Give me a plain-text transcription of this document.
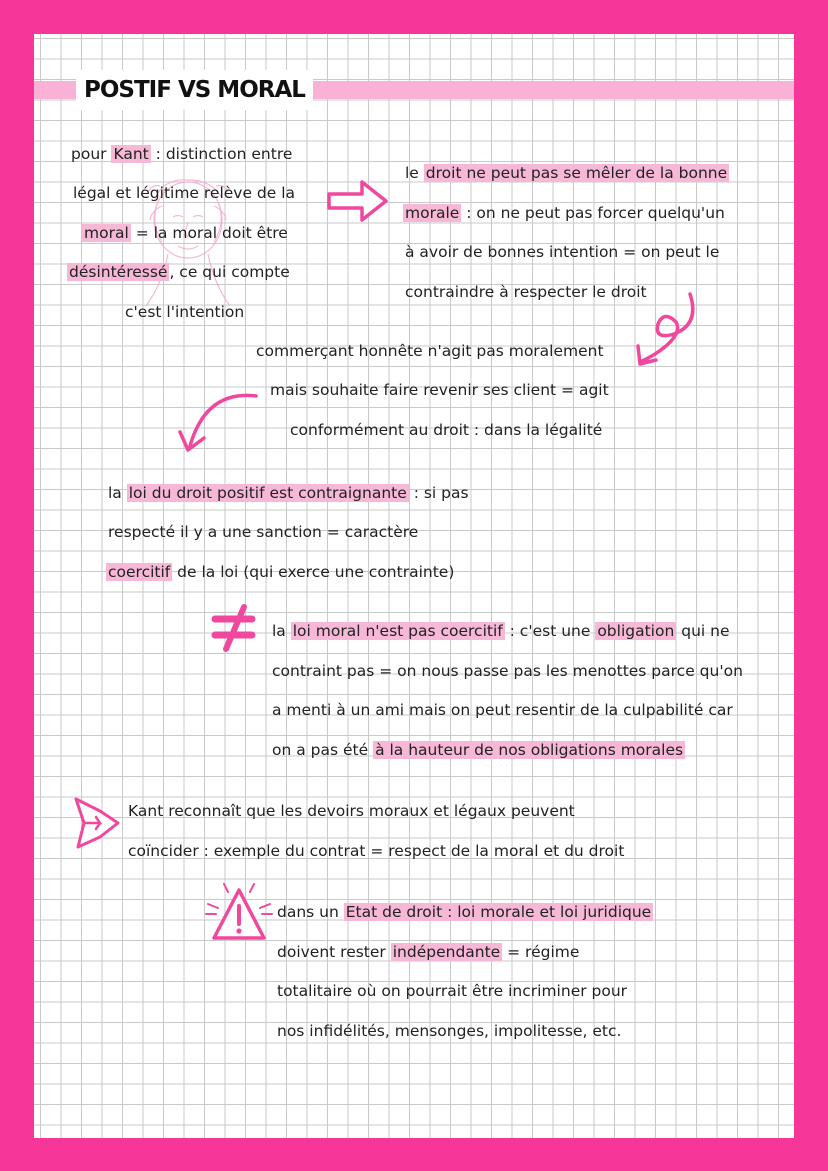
POSTIF VS MORAL
pour Kant : distinction entre
légal et légitime relève de la
moral = la moral doit être
désintéressé , ce qui compte
c'est l'intention
le droit ne peut pas se mêler de la bonne
morale : on ne peut pas forcer quelqu'un
à avoir de bonnes intention = on peut le
contraindre à respecter le droit
commerçant honnête n'agit pas moralement
mais souhaite faire revenir ses client = agit
conformément au droit : dans la légalité
la loi du droit positif est contraignante : si pas
respecté il y a une sanction = caractère
coercitif de la loi (qui exerce une contrainte)
la loi moral n'est pas coercitif : c'est une obligation qui ne
contraint pas = on nous passe pas les menottes parce qu'on
a menti à un ami mais on peut resentir de la culpabilité car
on a pas été à la hauteur de nos obligations morales
Kant reconnaît que les devoirs moraux et légaux peuvent
coïncider : exemple du contrat = respect de la moral et du droit
dans un Etat de droit : loi morale et loi juridique
doivent rester indépendante = régime
totalitaire où on pourrait être incriminer pour
nos infidélités, mensonges, impolitesse, etc.
